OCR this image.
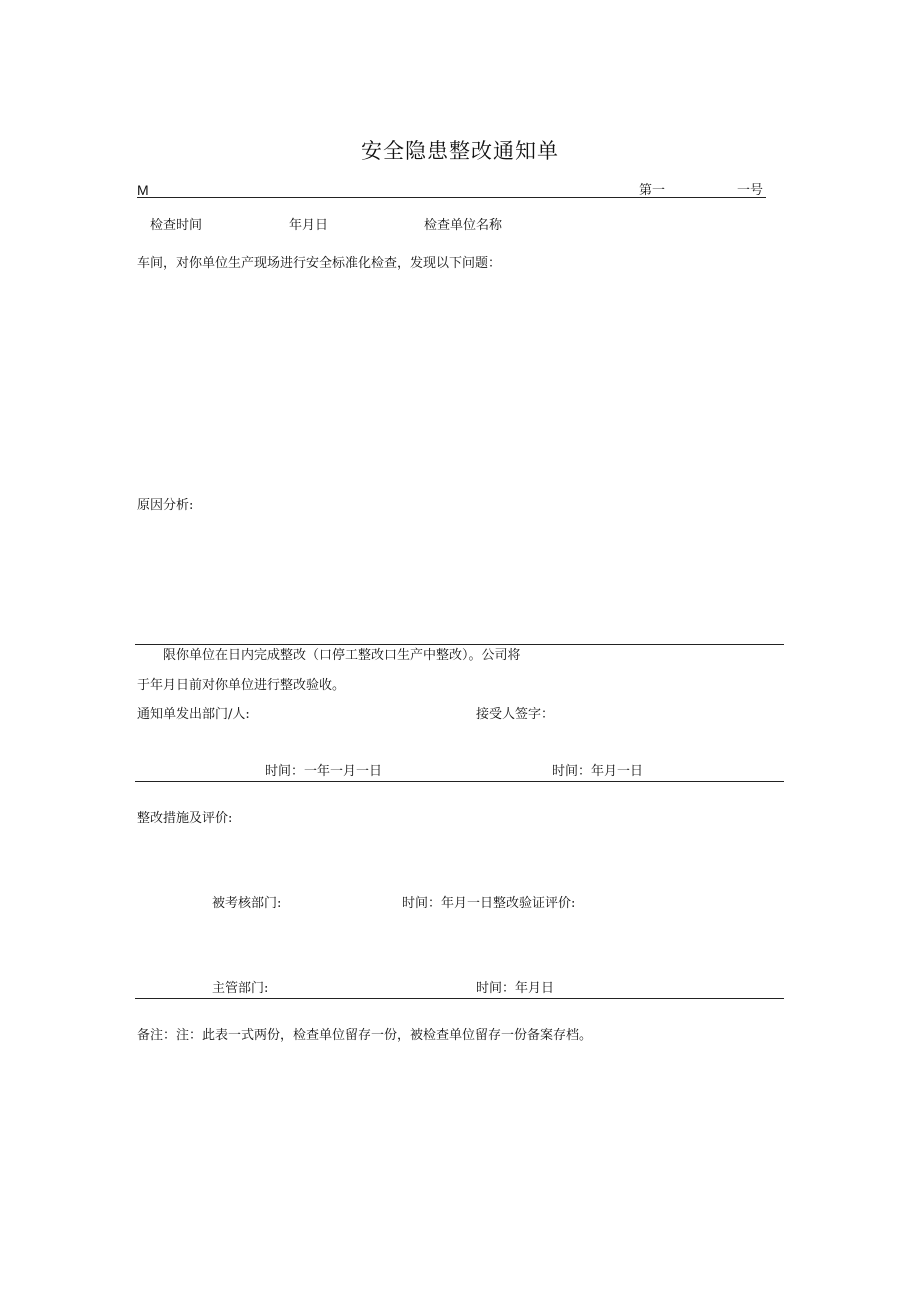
安全隐患整改通知单
M	第一	一号
检查时间	年月日	检查单位名称
车间，对你单位生产现场进行安全标准化检查，发现以下问题：
原因分析:
限你单位在日内完成整改（口停工整改口生产中整改）。公司将
于年月日前对你单位进行整改验收。
通知单发出部门/人:	接受人签字：
时间：一年一月一日	时间：年月一日
整改措施及评价:
被考核部门:	时间：年月一日整改验证评价:
主管部门:	时间：年月日
备注：注：此表一式两份，检查单位留存一份，被检查单位留存一份备案存档。
